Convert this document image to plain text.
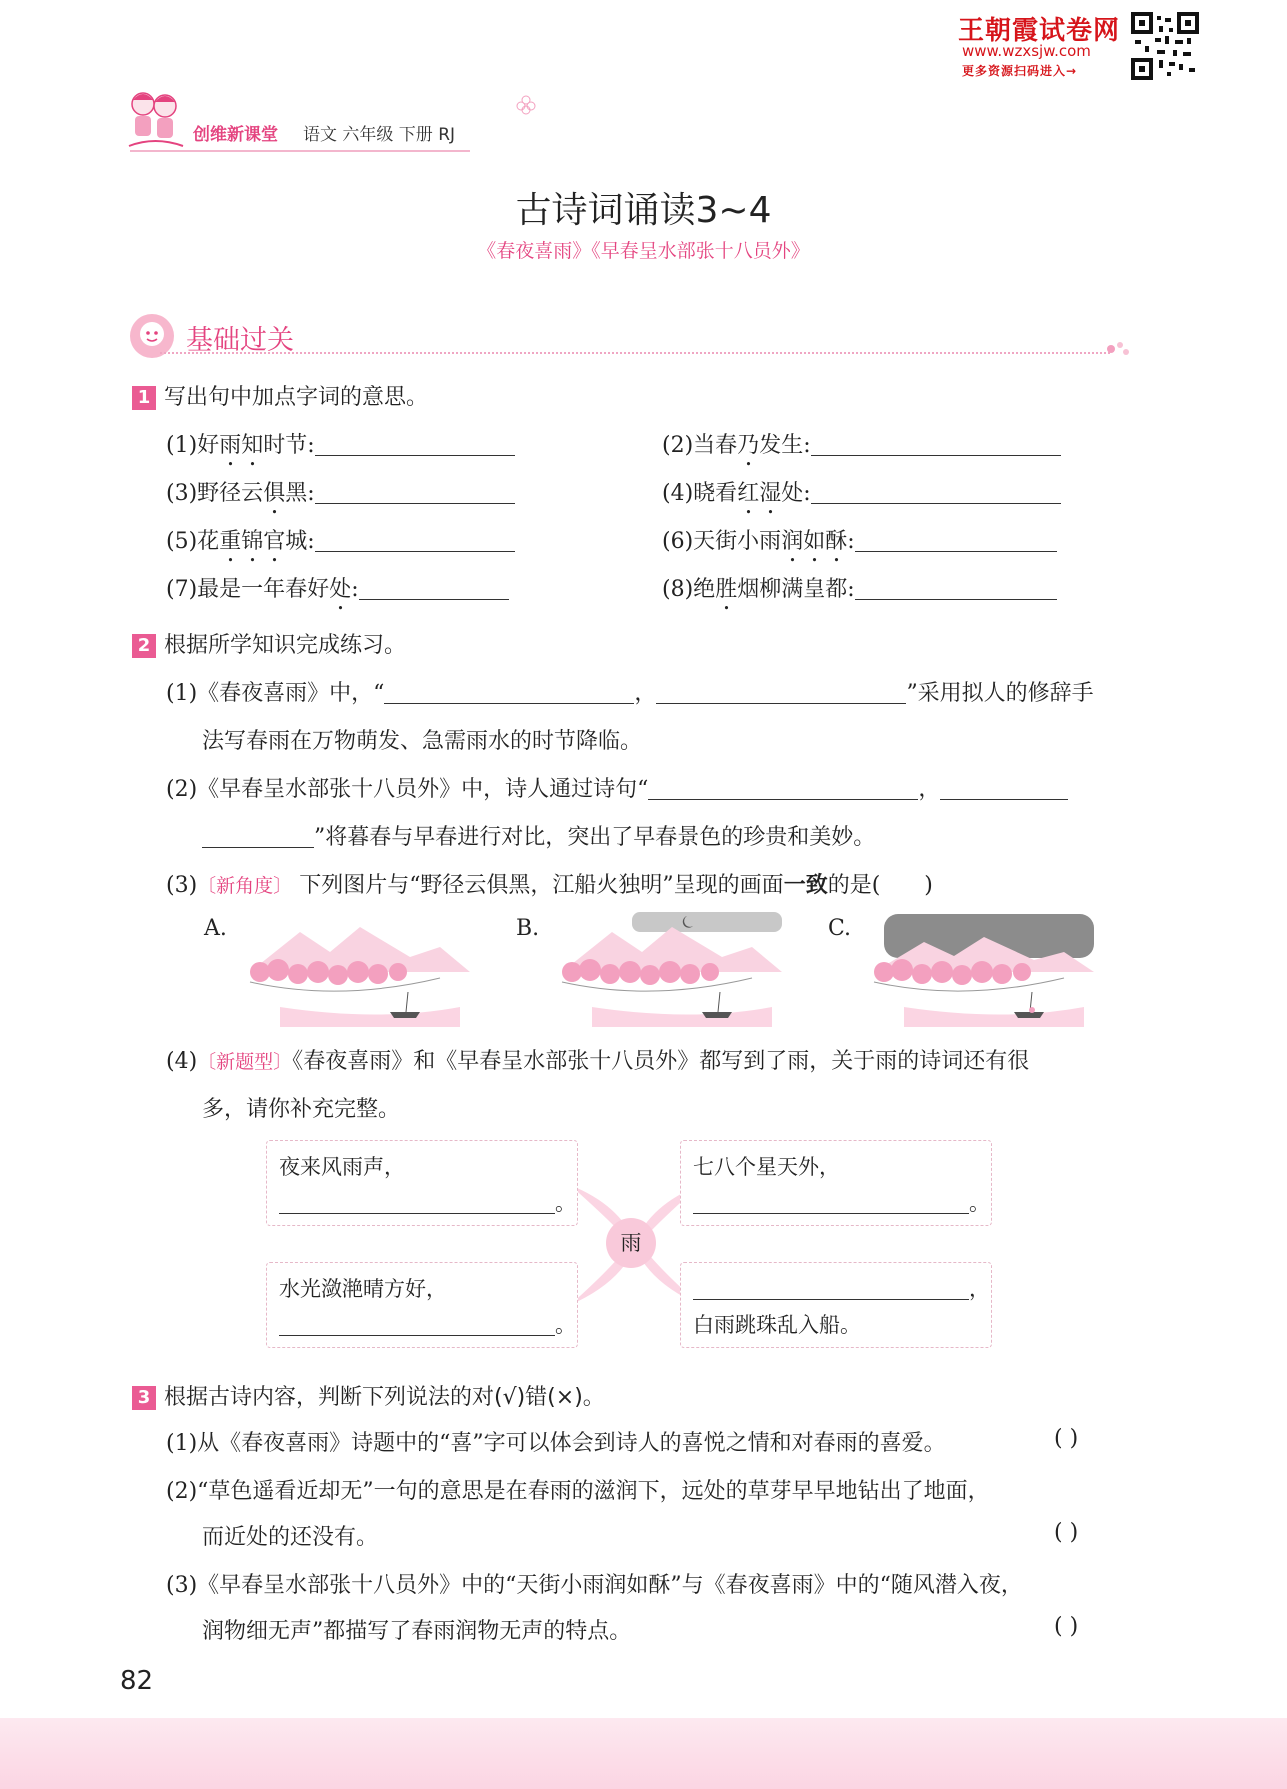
王朝霞试卷网
www.wzxsjw.com
更多资源扫码进入→
创维新课堂 语文 六年级 下册 RJ
古诗词诵读3~4
《春夜喜雨》《早春呈水部张十八员外》
基础过关
1 写出句中加点字词的意思。
(1)好雨知时节:	(2)当春乃发生:
(3)野径云俱黑:	(4)晓看红湿处:
(5)花重锦官城:	(6)天街小雨润如酥:
(7)最是一年春好处:	(8)绝胜烟柳满皇都:
2 根据所学知识完成练习。
(1)《春夜喜雨》中，“	，	”采用拟人的修辞手
法写春雨在万物萌发、急需雨水的时节降临。
(2)《早春呈水部张十八员外》中，诗人通过诗句“	，
”将暮春与早春进行对比，突出了早春景色的珍贵和美妙。
(3)〔新角度〕 下列图片与“野径云俱黑，江船火独明”呈现的画面一致的是( )
A.	B.	C.
(4)〔新题型〕《春夜喜雨》和《早春呈水部张十八员外》都写到了雨，关于雨的诗词还有很
多，请你补充完整。
雨
夜来风雨声，
。
七八个星天外，
。
水光潋滟晴方好，
。
，
白雨跳珠乱入船。
3 根据古诗内容，判断下列说法的对(√)错(×)。
(1)从《春夜喜雨》诗题中的“喜”字可以体会到诗人的喜悦之情和对春雨的喜爱。	( )
(2)“草色遥看近却无”一句的意思是在春雨的滋润下，远处的草芽早早地钻出了地面，
而近处的还没有。	( )
(3)《早春呈水部张十八员外》中的“天街小雨润如酥”与《春夜喜雨》中的“随风潜入夜，
润物细无声”都描写了春雨润物无声的特点。	( )
82
